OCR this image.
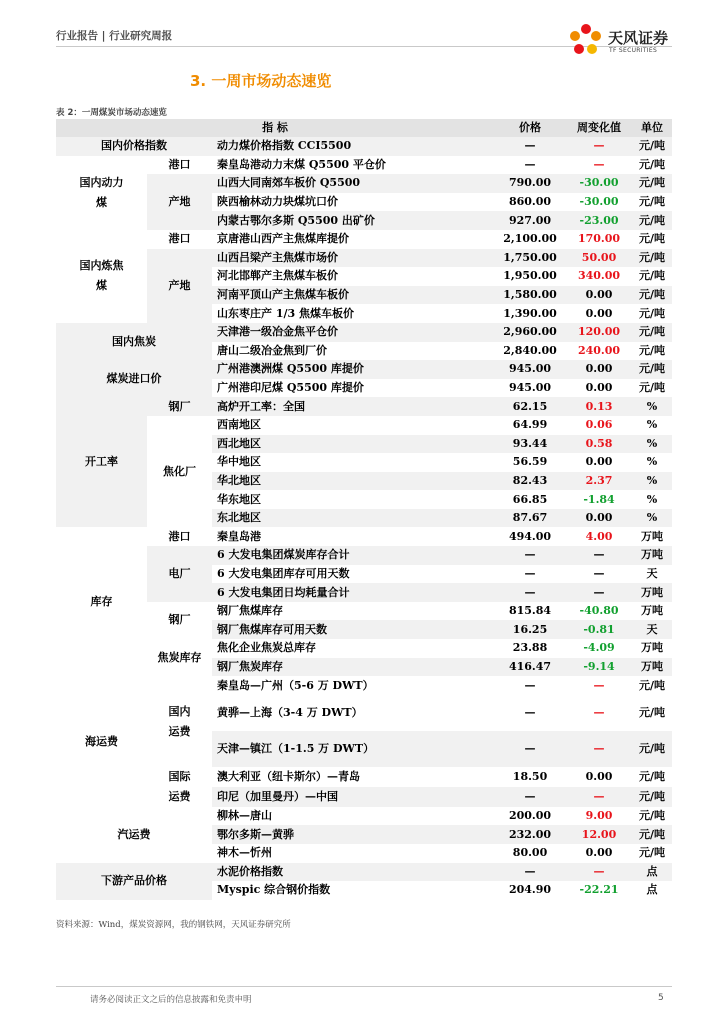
行业报告 | 行业研究周报	天风证券
TF SECURITIES
3. 一周市场动态速览
表 2：一周煤炭市场动态速览
指 标			价格	周变化值	单位
国内价格指数		动力煤价格指数 CCI5500	—	—	元/吨

国内动力煤	港口	秦皇岛港动力末煤 Q5500 平仓价	—	—	元/吨
	产地	山西大同南郊车板价 Q5500	790.00	-30.00	元/吨
		陕西榆林动力块煤坑口价	860.00	-30.00	元/吨
		内蒙古鄂尔多斯 Q5500 出矿价	927.00	-23.00	元/吨

国内炼焦煤	港口	京唐港山西产主焦煤库提价	2,100.00	170.00	元/吨
	产地	山西吕梁产主焦煤市场价	1,750.00	50.00	元/吨
		河北邯郸产主焦煤车板价	1,950.00	340.00	元/吨
		河南平顶山产主焦煤车板价	1,580.00	0.00	元/吨
		山东枣庄产 1/3 焦煤车板价	1,390.00	0.00	元/吨
国内焦炭		天津港一级冶金焦平仓价	2,960.00	120.00	元/吨
		唐山二级冶金焦到厂价	2,840.00	240.00	元/吨
煤炭进口价		广州港澳洲煤 Q5500 库提价	945.00	0.00	元/吨
		广州港印尼煤 Q5500 库提价	945.00	0.00	元/吨
开工率	钢厂	高炉开工率：全国	62.15	0.13	%
	焦化厂	西南地区	64.99	0.06	%
		西北地区	93.44	0.58	%
		华中地区	56.59	0.00	%
		华北地区	82.43	2.37	%
		华东地区	66.85	-1.84	%
		东北地区	87.67	0.00	%
库存	港口	秦皇岛港	494.00	4.00	万吨
	电厂	6 大发电集团煤炭库存合计	—	—	万吨
		6 大发电集团库存可用天数	—	—	天
		6 大发电集团日均耗量合计	—	—	万吨
	钢厂	钢厂焦煤库存	815.84	-40.80	万吨
		钢厂焦煤库存可用天数	16.25	-0.81	天
	焦炭库存	焦化企业焦炭总库存	23.88	-4.09	万吨
		钢厂焦炭库存	416.47	-9.14	万吨
海运费	国内运费	秦皇岛—广州（5-6 万 DWT）	—	—	元/吨
		黄骅—上海（3-4 万 DWT）	—	—	元/吨
		天津—镇江（1-1.5 万 DWT）	—	—	元/吨

	国际运费	澳大利亚（纽卡斯尔）—青岛	18.50	0.00	元/吨
		印尼（加里曼丹）—中国	—	—	元/吨
汽运费		柳林—唐山	200.00	9.00	元/吨
		鄂尔多斯—黄骅	232.00	12.00	元/吨
		神木—忻州	80.00	0.00	元/吨
下游产品价格		水泥价格指数	—	—	点
		Myspic 综合钢价指数	204.90	-22.21	点
资料来源：Wind，煤炭资源网，我的钢铁网，天风证券研究所
请务必阅读正文之后的信息披露和免责申明	5
